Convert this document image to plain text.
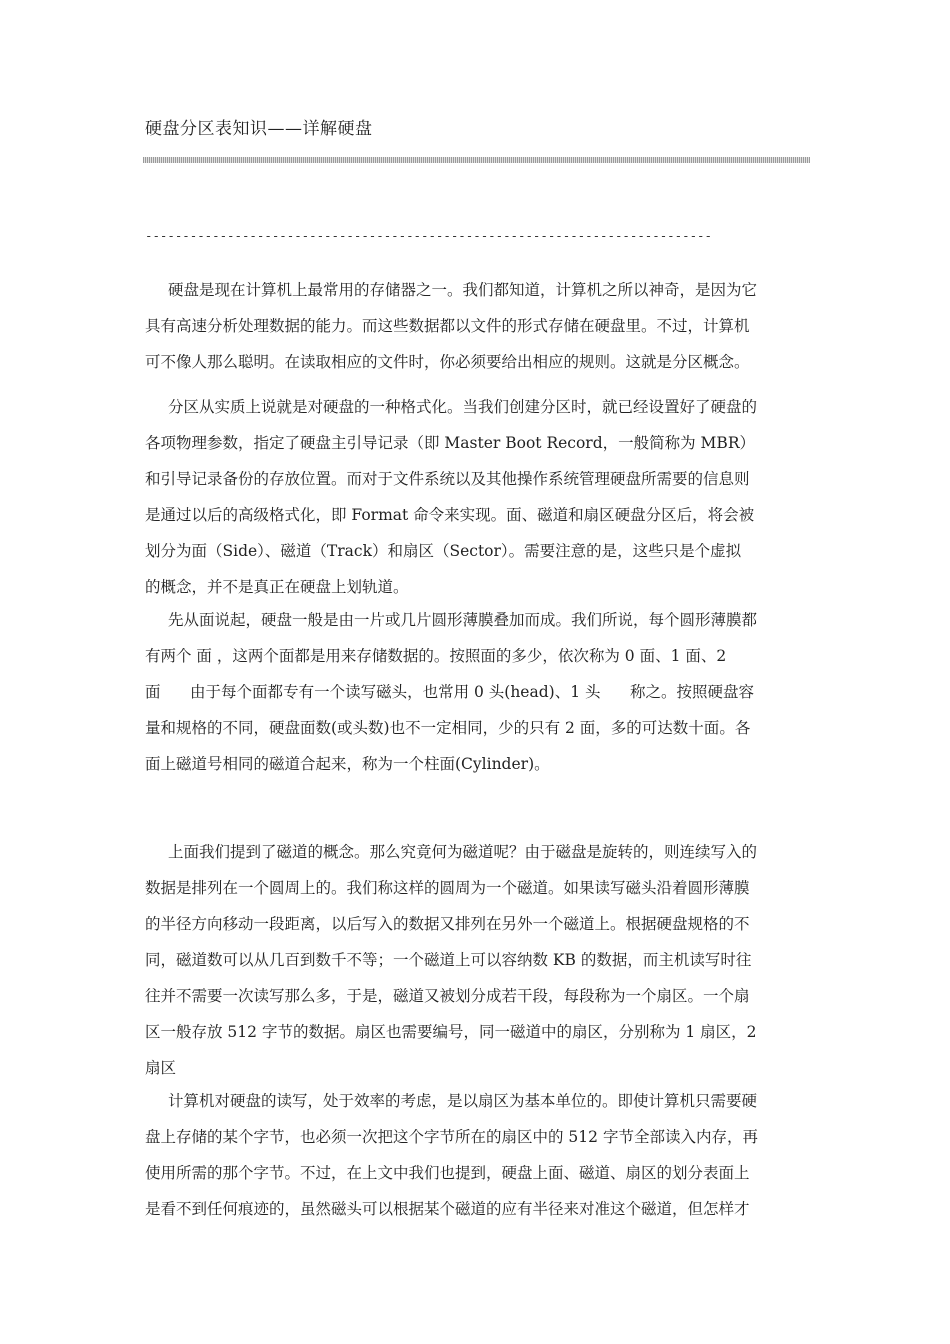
硬盘分区表知识——详解硬盘
----------------------------------------------------------------------------
硬盘是现在计算机上最常用的存储器之一。我们都知道，计算机之所以神奇，是因为它
具有高速分析处理数据的能力。而这些数据都以文件的形式存储在硬盘里。不过，计算机
可不像人那么聪明。在读取相应的文件时，你必须要给出相应的规则。这就是分区概念。
分区从实质上说就是对硬盘的一种格式化。当我们创建分区时，就已经设置好了硬盘的
各项物理参数，指定了硬盘主引导记录（即 Master Boot Record，一般简称为 MBR）
和引导记录备份的存放位置。而对于文件系统以及其他操作系统管理硬盘所需要的信息则
是通过以后的高级格式化，即 Format 命令来实现。面、磁道和扇区硬盘分区后，将会被
划分为面（Side）、磁道（Track）和扇区（Sector）。需要注意的是，这些只是个虚拟
的概念，并不是真正在硬盘上划轨道。
先从面说起，硬盘一般是由一片或几片圆形薄膜叠加而成。我们所说，每个圆形薄膜都
有两个 面 ，这两个面都是用来存储数据的。按照面的多少，依次称为 0 面、1 面、2
面      由于每个面都专有一个读写磁头，也常用 0 头(head)、1 头      称之。按照硬盘容
量和规格的不同，硬盘面数(或头数)也不一定相同，少的只有 2 面，多的可达数十面。各
面上磁道号相同的磁道合起来，称为一个柱面(Cylinder)。
上面我们提到了磁道的概念。那么究竟何为磁道呢？由于磁盘是旋转的，则连续写入的
数据是排列在一个圆周上的。我们称这样的圆周为一个磁道。如果读写磁头沿着圆形薄膜
的半径方向移动一段距离，以后写入的数据又排列在另外一个磁道上。根据硬盘规格的不
同，磁道数可以从几百到数千不等；一个磁道上可以容纳数 KB 的数据，而主机读写时往
往并不需要一次读写那么多，于是，磁道又被划分成若干段，每段称为一个扇区。一个扇
区一般存放 512 字节的数据。扇区也需要编号，同一磁道中的扇区，分别称为 1 扇区，2
扇区
计算机对硬盘的读写，处于效率的考虑，是以扇区为基本单位的。即使计算机只需要硬
盘上存储的某个字节，也必须一次把这个字节所在的扇区中的 512 字节全部读入内存，再
使用所需的那个字节。不过，在上文中我们也提到，硬盘上面、磁道、扇区的划分表面上
是看不到任何痕迹的，虽然磁头可以根据某个磁道的应有半径来对准这个磁道，但怎样才
